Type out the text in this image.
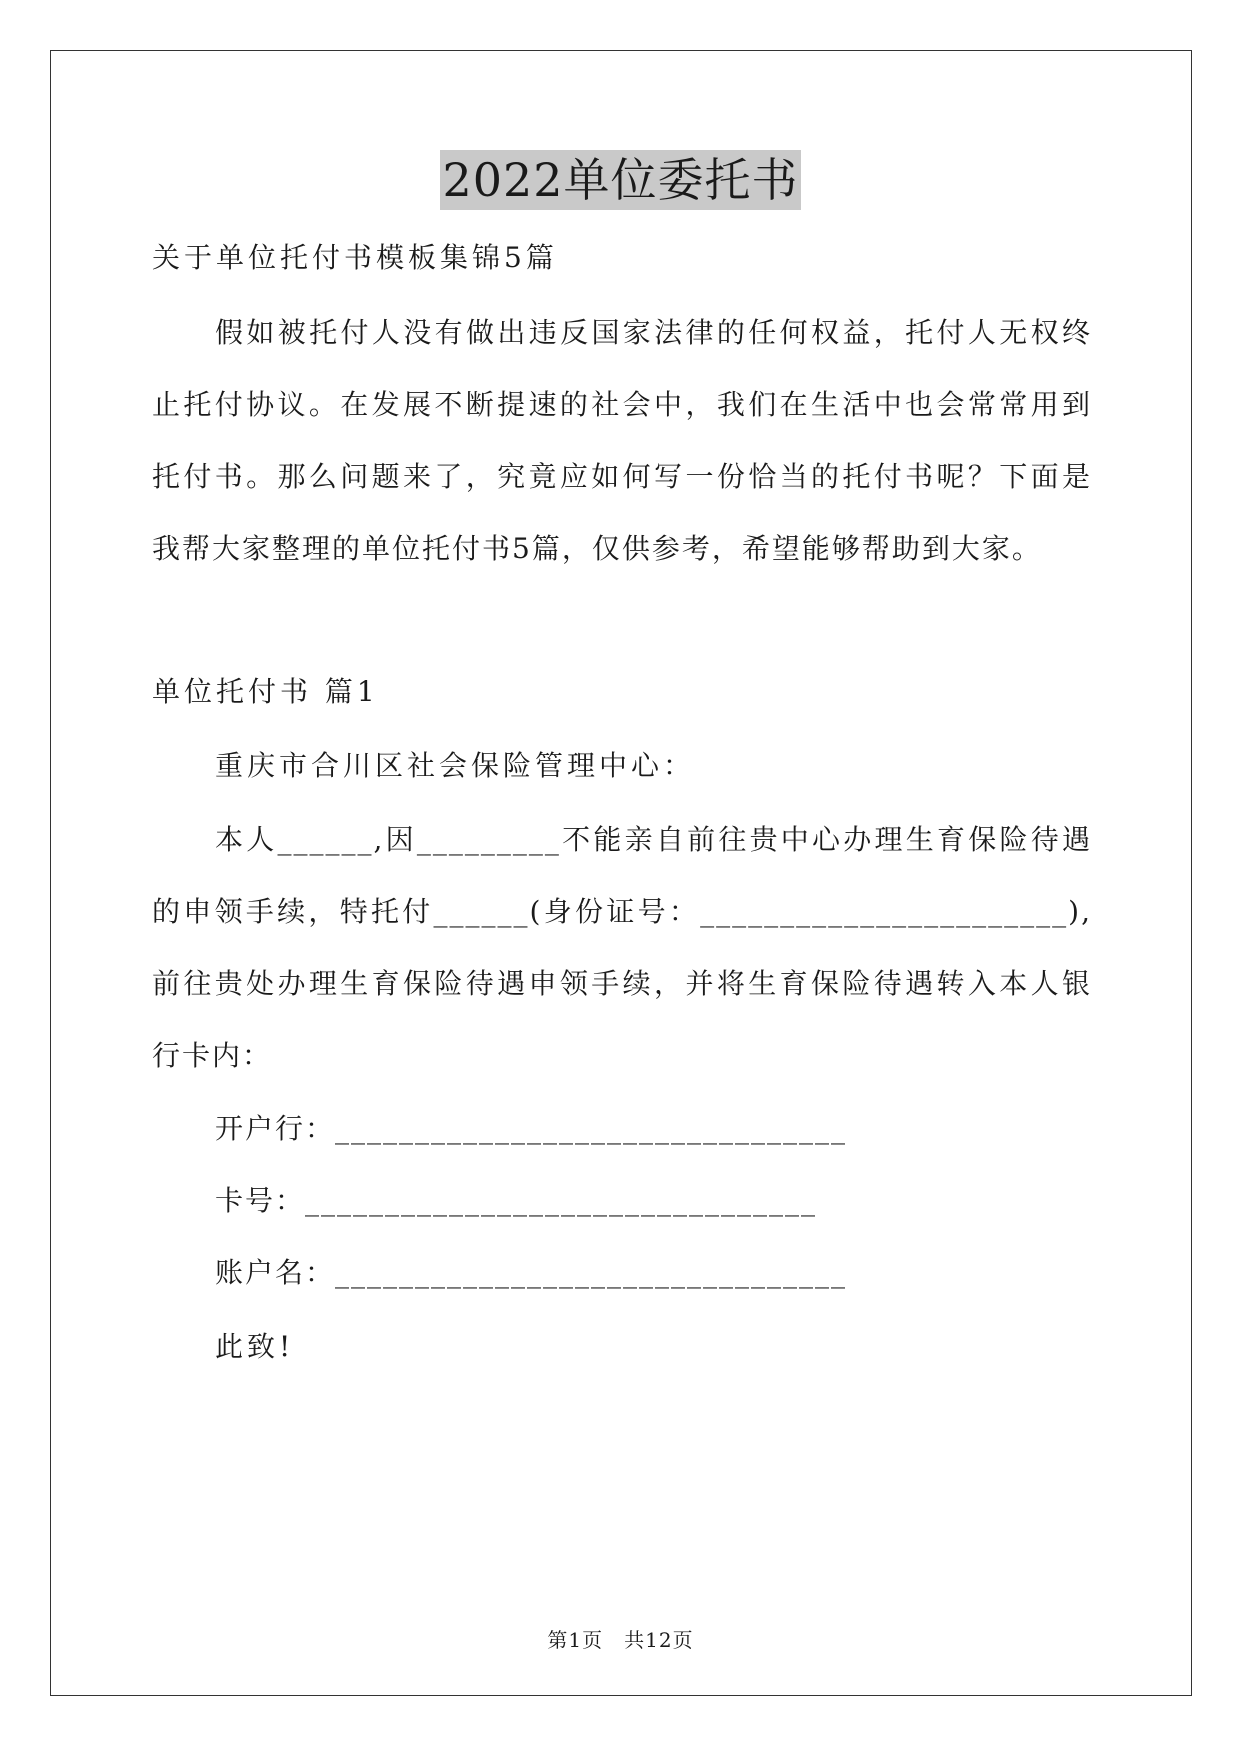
2022单位委托书
关于单位托付书模板集锦5篇
假如被托付人没有做出违反国家法律的任何权益，托付人无权终
止托付协议。在发展不断提速的社会中，我们在生活中也会常常用到
托付书。那么问题来了，究竟应如何写一份恰当的托付书呢？下面是
我帮大家整理的单位托付书5篇，仅供参考，希望能够帮助到大家。
单位托付书 篇1
重庆市合川区社会保险管理中心：
本人______,因_________不能亲自前往贵中心办理生育保险待遇
的申领手续，特托付______(身份证号：_______________________),
前往贵处办理生育保险待遇申领手续，并将生育保险待遇转入本人银
行卡内：
开户行：________________________________
卡号：________________________________
账户名：________________________________
此致!
第1页　共12页
